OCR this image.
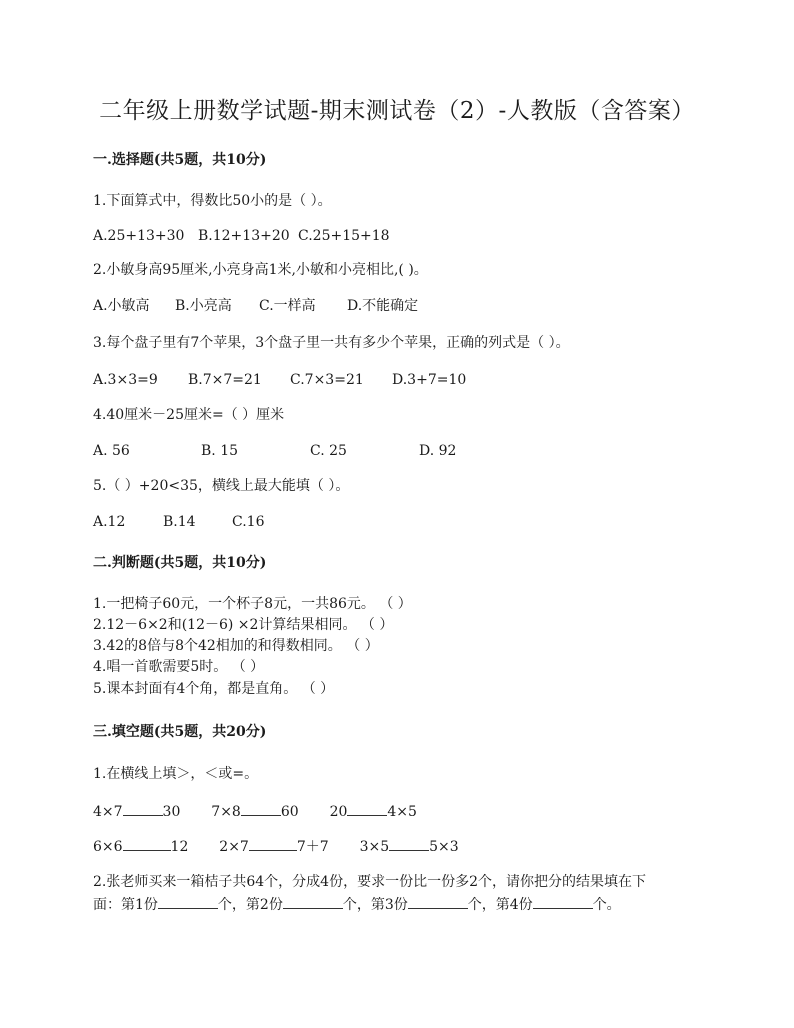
二年级上册数学试题-期末测试卷（2）-人教版（含答案）
一.选择题(共5题，共10分)
1.下面算式中，得数比50小的是（ ）。
A.25+13+30 B.12+13+20 C.25+15+18
2.小敏身高95厘米,小亮身高1米,小敏和小亮相比,( )。
A.小敏高 B.小亮高 C.一样高 D.不能确定
3.每个盘子里有7个苹果，3个盘子里一共有多少个苹果，正确的列式是（ ）。
A.3×3=9 B.7×7=21 C.7×3=21 D.3+7=10
4.40厘米－25厘米=（ ）厘米
A. 56	B. 15	C. 25	D. 92
5.（ ）+20<35，横线上最大能填（ ）。
A.12	B.14	C.16
二.判断题(共5题，共10分)
1.一把椅子60元，一个杯子8元，一共86元。 （ ）
2.12－6×2和(12－6) ×2计算结果相同。 （ ）
3.42的8倍与8个42相加的和得数相同。 （ ）
4.唱一首歌需要5时。 （ ）
5.课本封面有4个角，都是直角。 （ ）
三.填空题(共5题，共20分)
1.在横线上填＞，＜或=。
4×7	30 7×8	60 20	4×5
6×6	12 2×7	7＋7 3×5	5×3
2.张老师买来一箱桔子共64个，分成4份，要求一份比一份多2个，请你把分的结果填在下
面：第1份	个，第2份	个，第3份	个，第4份	个。
